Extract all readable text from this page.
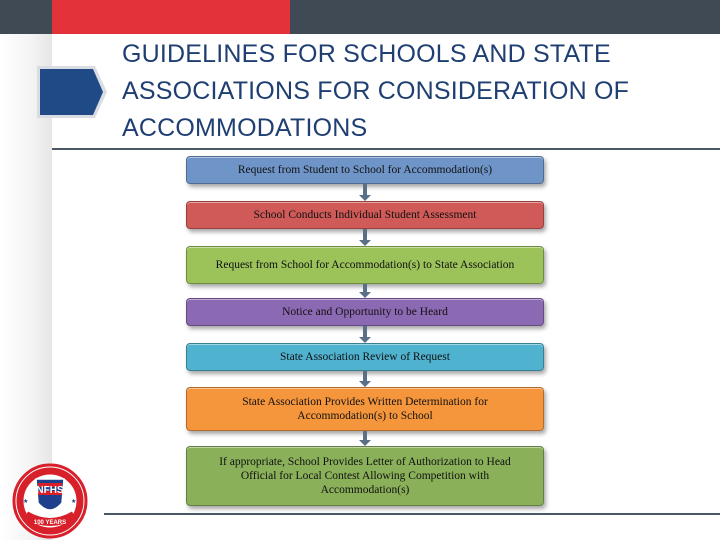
GUIDELINES FOR SCHOOLS AND STATE ASSOCIATIONS FOR CONSIDERATION OF ACCOMMODATIONS
Request from Student to School for Accommodation(s)
School Conducts Individual Student Assessment
Request from School for Accommodation(s) to State Association
Notice and Opportunity to be Heard
State Association Review of Request
State Association Provides Written Determination for Accommodation(s) to School
If appropriate, School Provides Letter of Authorization to Head Official for Local Contest Allowing Competition with Accommodation(s)
NFHS
100 YEARS
★	★
